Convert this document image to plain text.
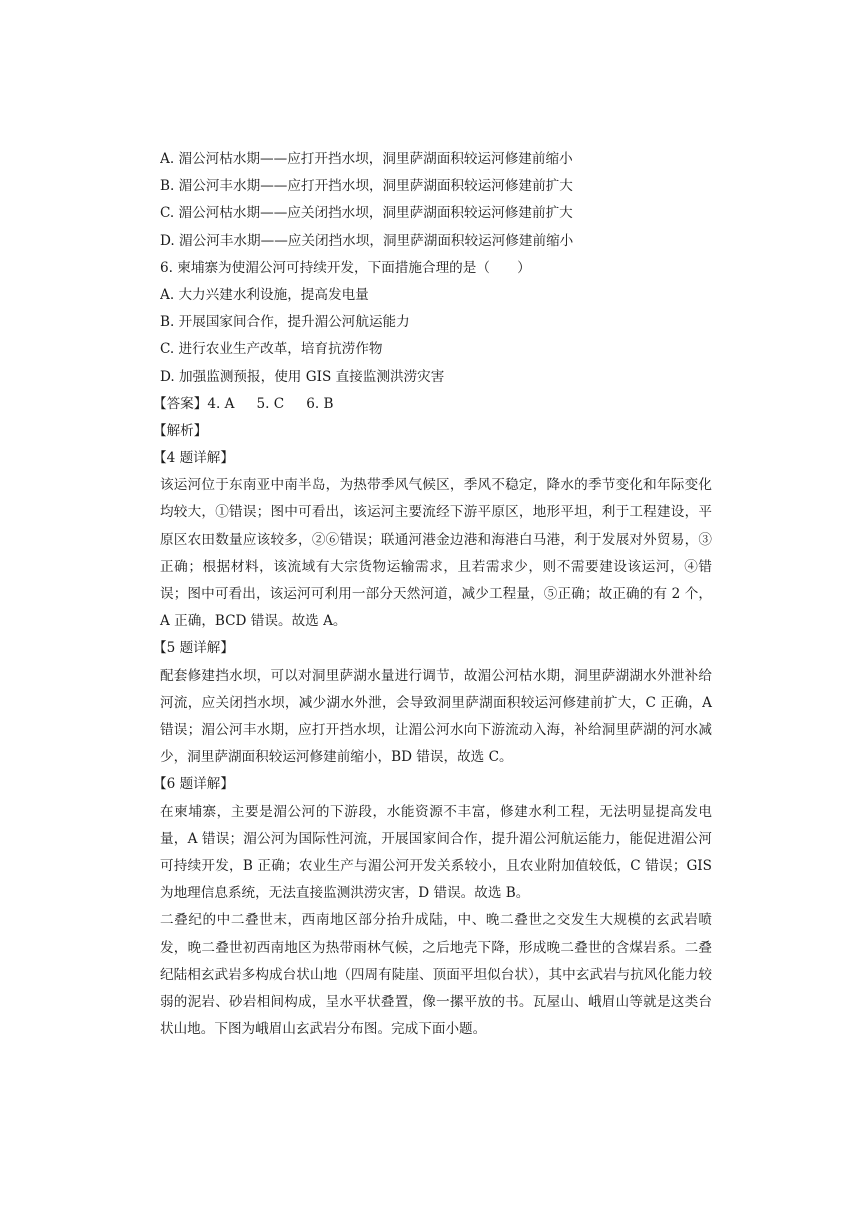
A. 湄公河枯水期——应打开挡水坝，洞里萨湖面积较运河修建前缩小
B. 湄公河丰水期——应打开挡水坝，洞里萨湖面积较运河修建前扩大
C. 湄公河枯水期——应关闭挡水坝，洞里萨湖面积较运河修建前扩大
D. 湄公河丰水期——应关闭挡水坝，洞里萨湖面积较运河修建前缩小
6. 柬埔寨为使湄公河可持续开发，下面措施合理的是（　　）
A. 大力兴建水利设施，提高发电量
B. 开展国家间合作，提升湄公河航运能力
C. 进行农业生产改革，培育抗涝作物
D. 加强监测预报，使用 GIS 直接监测洪涝灾害
【答案】4. A 5. C 6. B
【解析】
【4 题详解】

该运河位于东南亚中南半岛，为热带季风气候区，季风不稳定，降水的季节变化和年际变化均较大，①错误；图中可看出，该运河主要流经下游平原区，地形平坦，利于工程建设，平原区农田数量应该较多，②⑥错误；联通河港金边港和海港白马港，利于发展对外贸易，③正确；根据材料，该流域有大宗货物运输需求，且若需求少，则不需要建设该运河，④错误；图中可看出，该运河可利用一部分天然河道，减少工程量，⑤正确；故正确的有 2 个，A 正确，BCD 错误。故选 A。

【5 题详解】

配套修建挡水坝，可以对洞里萨湖水量进行调节，故湄公河枯水期，洞里萨湖湖水外泄补给河流，应关闭挡水坝，减少湖水外泄，会导致洞里萨湖面积较运河修建前扩大，C 正确，A 错误；湄公河丰水期，应打开挡水坝，让湄公河水向下游流动入海，补给洞里萨湖的河水减少，洞里萨湖面积较运河修建前缩小，BD 错误，故选 C。

【6 题详解】

在柬埔寨，主要是湄公河的下游段，水能资源不丰富，修建水利工程，无法明显提高发电量，A 错误；湄公河为国际性河流，开展国家间合作，提升湄公河航运能力，能促进湄公河可持续开发，B 正确；农业生产与湄公河开发关系较小，且农业附加值较低，C 错误；GIS 为地理信息系统，无法直接监测洪涝灾害，D 错误。故选 B。

二叠纪的中二叠世末，西南地区部分抬升成陆，中、晚二叠世之交发生大规模的玄武岩喷发，晚二叠世初西南地区为热带雨林气候，之后地壳下降，形成晚二叠世的含煤岩系。二叠纪陆相玄武岩多构成台状山地（四周有陡崖、顶面平坦似台状），其中玄武岩与抗风化能力较弱的泥岩、砂岩相间构成，呈水平状叠置，像一摞平放的书。瓦屋山、峨眉山等就是这类台状山地。下图为峨眉山玄武岩分布图。完成下面小题。
